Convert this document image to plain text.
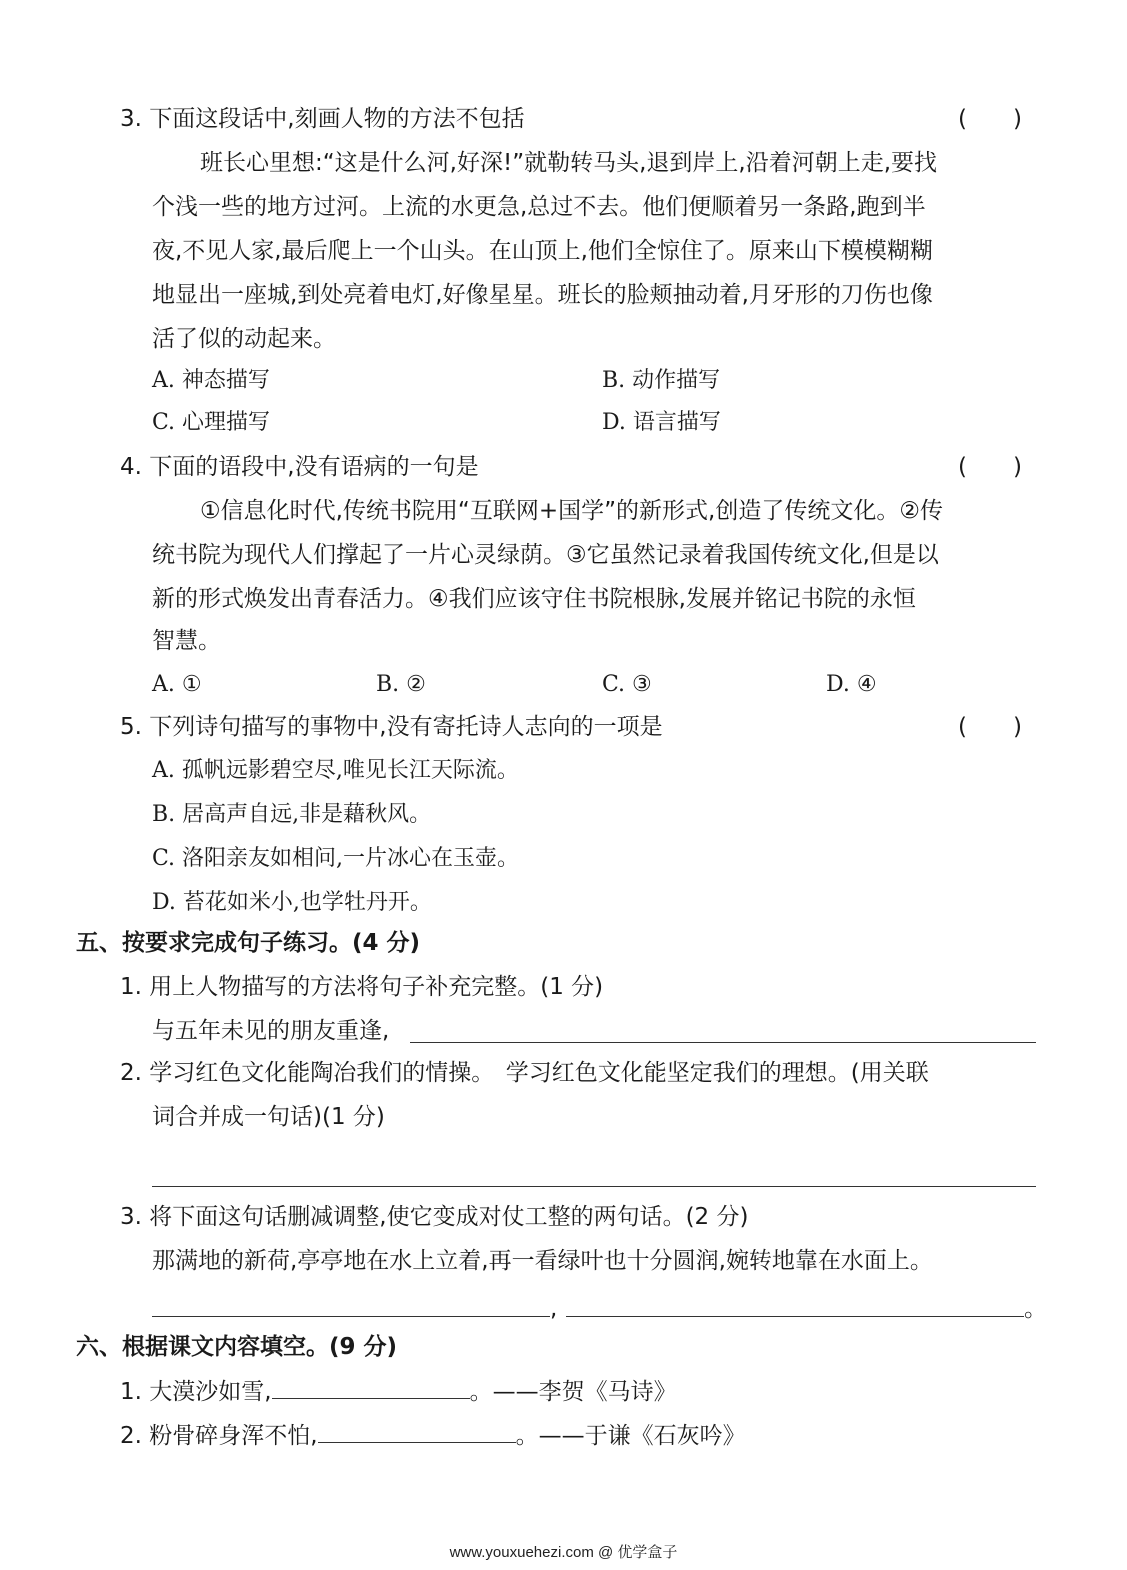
3. 下面这段话中,刻画人物的方法不包括	(　　)
班长心里想:“这是什么河,好深!”就勒转马头,退到岸上,沿着河朝上走,要找
个浅一些的地方过河。上流的水更急,总过不去。他们便顺着另一条路,跑到半
夜,不见人家,最后爬上一个山头。在山顶上,他们全惊住了。原来山下模模糊糊
地显出一座城,到处亮着电灯,好像星星。班长的脸颊抽动着,月牙形的刀伤也像
活了似的动起来。
A. 神态描写	B. 动作描写
C. 心理描写	D. 语言描写
4. 下面的语段中,没有语病的一句是	(　　)
①信息化时代,传统书院用“互联网+国学”的新形式,创造了传统文化。②传
统书院为现代人们撑起了一片心灵绿荫。③它虽然记录着我国传统文化,但是以
新的形式焕发出青春活力。④我们应该守住书院根脉,发展并铭记书院的永恒
智慧。
A. ①	B. ②	C. ③	D. ④
5. 下列诗句描写的事物中,没有寄托诗人志向的一项是	(　　)
A. 孤帆远影碧空尽,唯见长江天际流。
B. 居高声自远,非是藉秋风。
C. 洛阳亲友如相问,一片冰心在玉壶。
D. 苔花如米小,也学牡丹开。
五、按要求完成句子练习。(4 分)
1. 用上人物描写的方法将句子补充完整。(1 分)
与五年未见的朋友重逢,
2. 学习红色文化能陶冶我们的情操。　学习红色文化能坚定我们的理想。(用关联
词合并成一句话)(1 分)
3. 将下面这句话删减调整,使它变成对仗工整的两句话。(2 分)
那满地的新荷,亭亭地在水上立着,再一看绿叶也十分圆润,婉转地靠在水面上。
,	。
六、根据课文内容填空。(9 分)
1. 大漠沙如雪,	。——李贺《马诗》
2. 粉骨碎身浑不怕,	。——于谦《石灰吟》
www.youxuehezi.com @ 优学盒子
